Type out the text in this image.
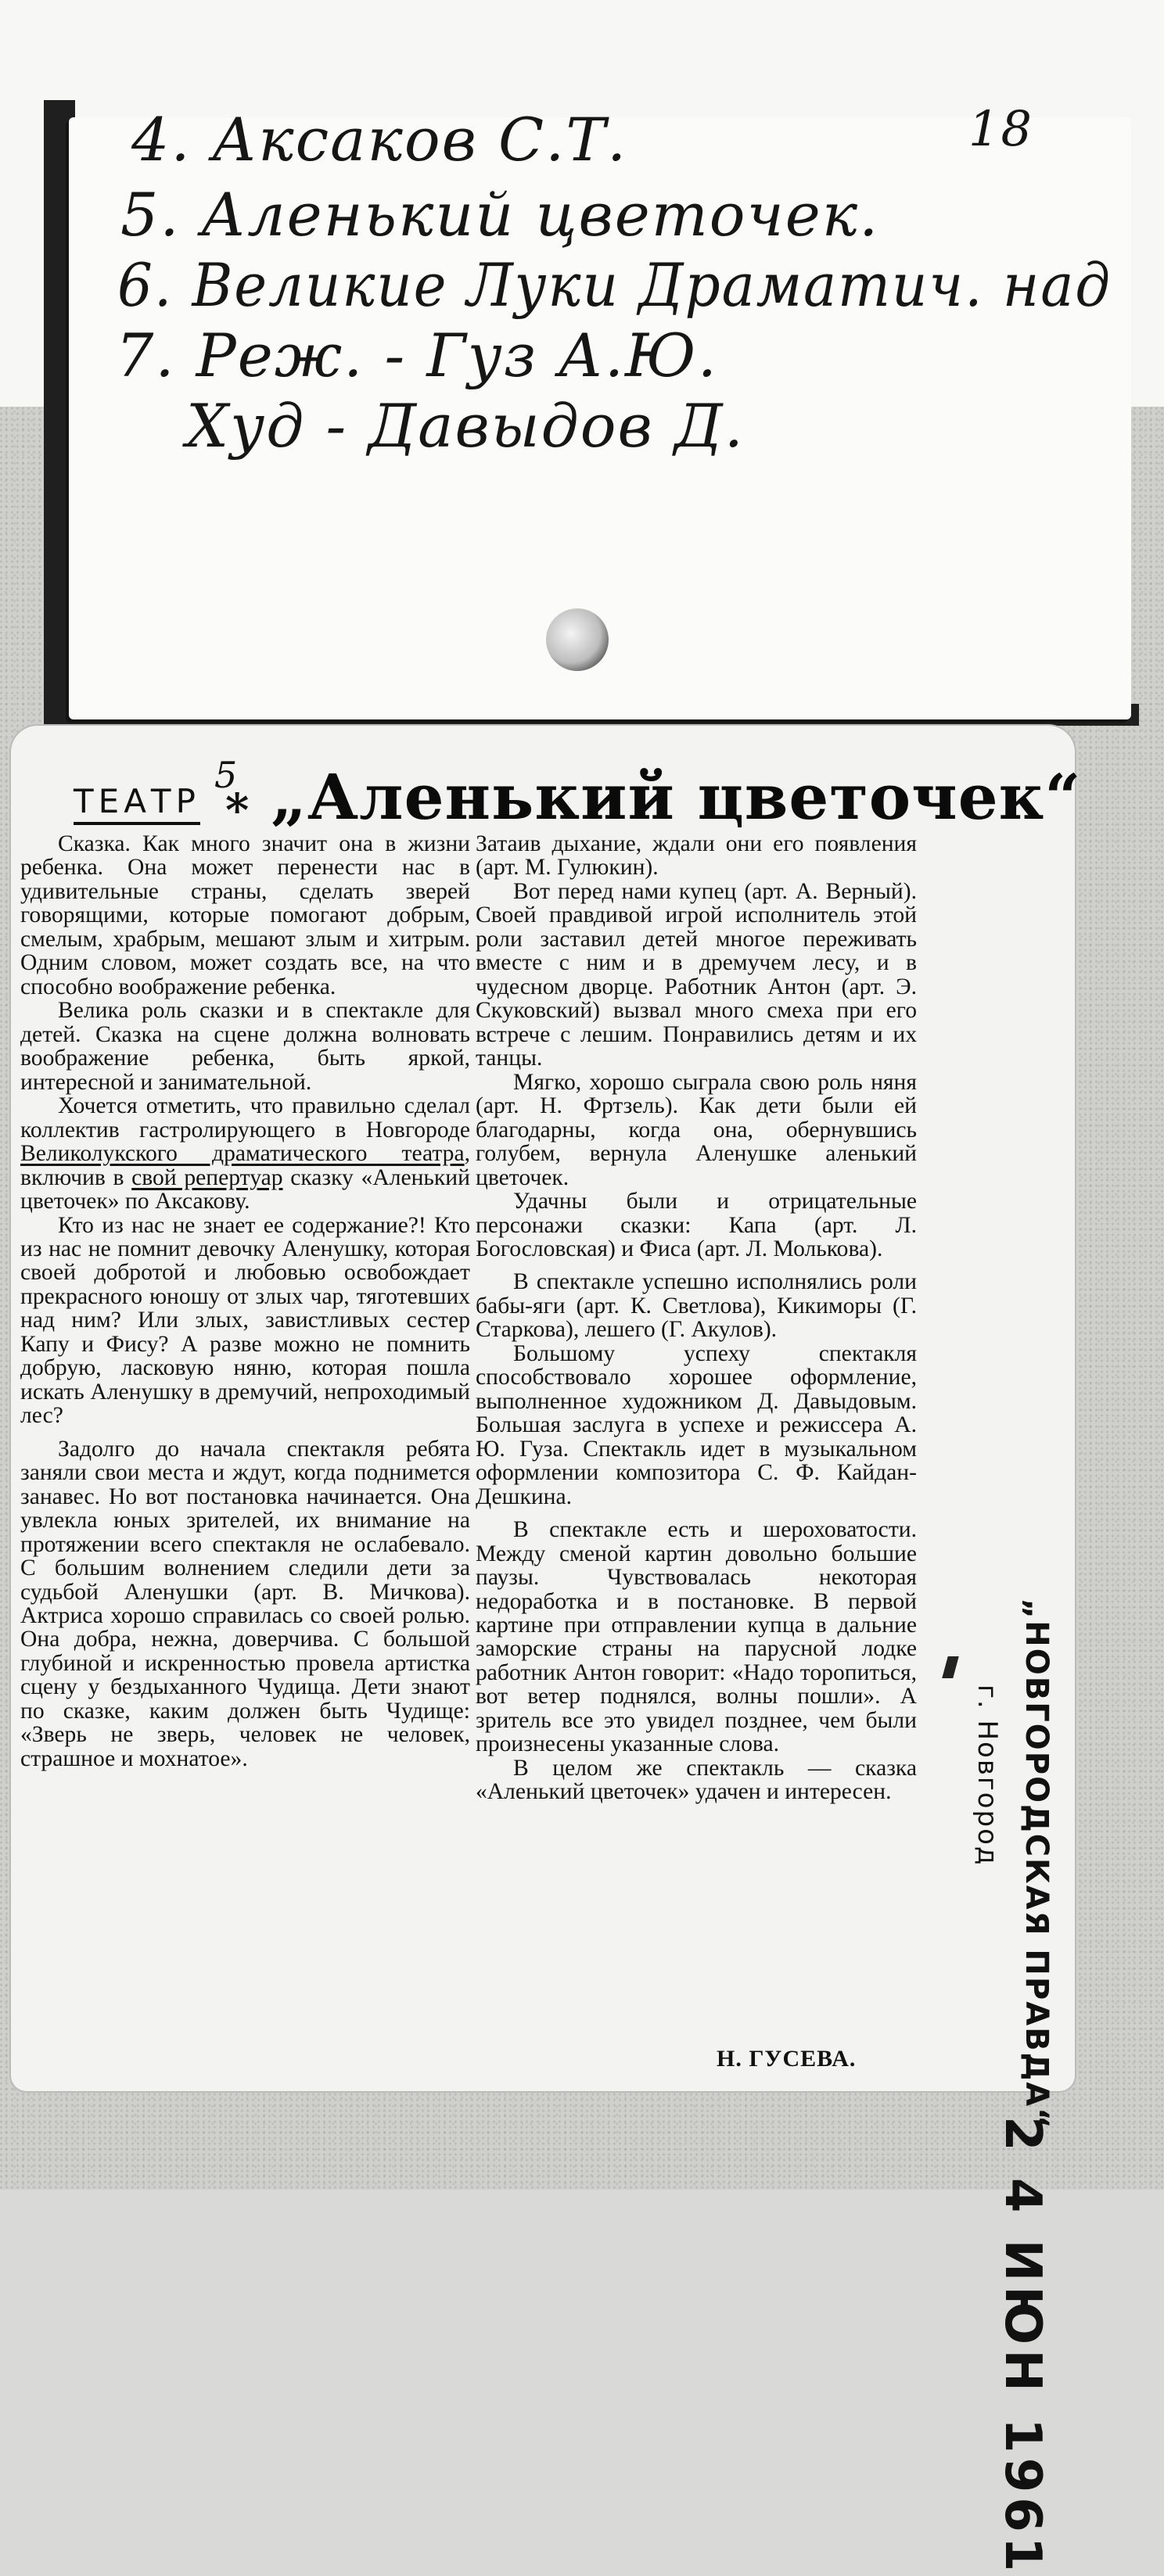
18
4. Аксаков С.Т.
5. Аленький цветочек.
6. Великие Луки Драматич. над
7. Реж. - Гуз А.Ю.
Худ - Давыдов Д.
ТЕАТР
5
* „Аленький цветочек“

Сказка. Как много значит она в жизни ребенка. Она может перенести нас в удивительные страны, сделать зверей говорящими, которые помогают добрым, смелым, храбрым, мешают злым и хитрым. Одним словом, может создать все, на что способно воображение ребенка.

Велика роль сказки и в спектакле для детей. Сказка на сцене должна волновать воображение ребенка, быть яркой, интересной и занимательной.

Хочется отметить, что правильно сделал коллектив гастролирующего в Новгороде Великолукского драматического театра, включив в свой репертуар сказку «Аленький цветочек» по Аксакову.

Кто из нас не знает ее содержание?! Кто из нас не помнит девочку Аленушку, которая своей добротой и любовью освобождает прекрасного юношу от злых чар, тяготевших над ним? Или злых, завистливых сестер Капу и Фису? А разве можно не помнить добрую, ласковую няню, которая пошла искать Аленушку в дремучий, непроходимый лес?

Задолго до начала спектакля ребята заняли свои места и ждут, когда поднимется занавес. Но вот постановка начинается. Она увлекла юных зрителей, их внимание на протяжении всего спектакля не ослабевало. С большим волнением следили дети за судьбой Аленушки (арт. В. Мичкова). Актриса хорошо справилась со своей ролью. Она добра, нежна, доверчива. С большой глубиной и искренностью провела артистка сцену у бездыханного Чудища. Дети знают по сказке, каким должен быть Чудище: «Зверь не зверь, человек не человек, страшное и мохнатое».

Затаив дыхание, ждали они его появления (арт. М. Гулюкин).

Вот перед нами купец (арт. А. Верный). Своей правдивой игрой исполнитель этой роли заставил детей многое переживать вместе с ним и в дремучем лесу, и в чудесном дворце. Работник Антон (арт. Э. Скуковский) вызвал много смеха при его встрече с лешим. Понравились детям и их танцы.

Мягко, хорошо сыграла свою роль няня (арт. Н. Фртзель). Как дети были ей благодарны, когда она, обернувшись голубем, вернула Аленушке аленький цветочек.

Удачны были и отрицательные персонажи сказки: Капа (арт. Л. Богословская) и Фиса (арт. Л. Молькова).

В спектакле успешно исполнялись роли бабы-яги (арт. К. Светлова), Кикиморы (Г. Старкова), лешего (Г. Акулов).

Большому успеху спектакля способствовало хорошее оформление, выполненное художником Д. Давыдовым. Большая заслуга в успехе и режиссера А. Ю. Гуза. Спектакль идет в музыкальном оформлении композитора С. Ф. Кайдан-Дешкина.

В спектакле есть и шероховатости. Между сменой картин довольно большие паузы. Чувствовалась некоторая недоработка и в постановке. В первой картине при отправлении купца в дальние заморские страны на парусной лодке работник Антон говорит: «Надо торопиться, вот ветер поднялся, волны пошли». А зритель все это увидел позднее, чем были произнесены указанные слова.

В целом же спектакль — сказка «Аленький цветочек» удачен и интересен.

Н. ГУСЕВА.	„НОВГОРОДСКАЯ ПРАВДА“
г. Новгород
2 4 ИЮН 1961
